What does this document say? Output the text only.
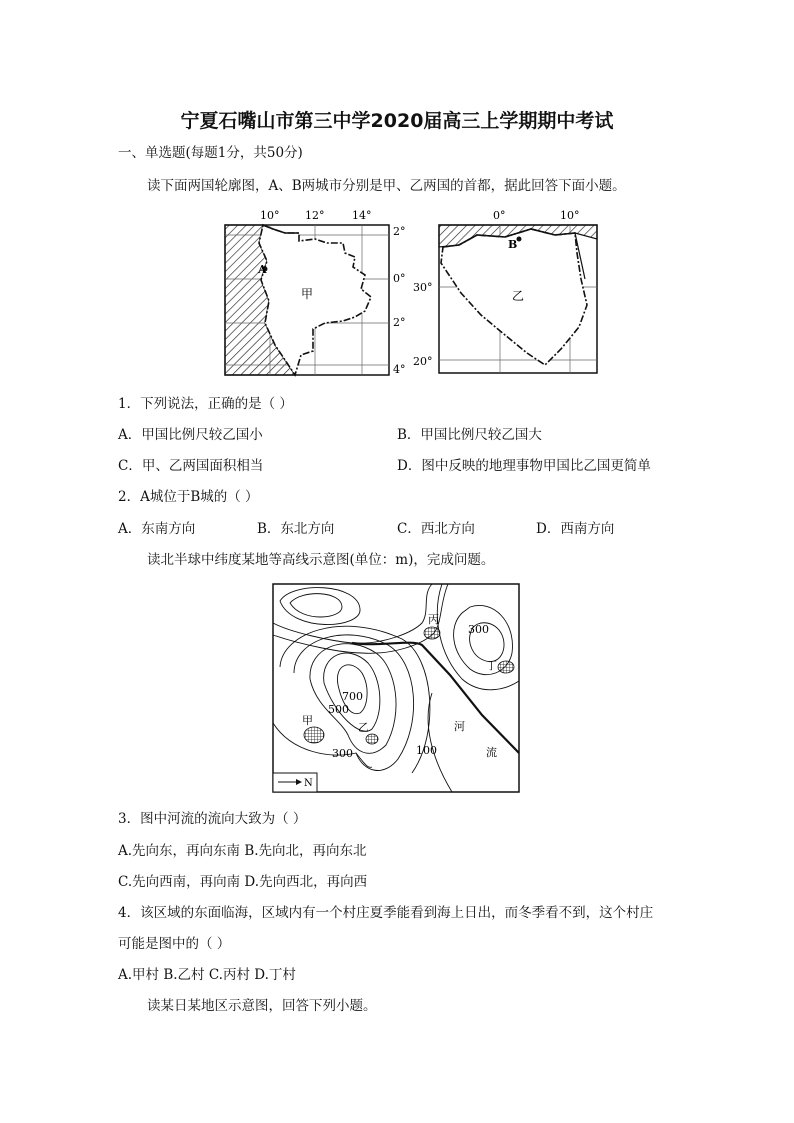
宁夏石嘴山市第三中学2020届高三上学期期中考试
一、单选题(每题1分，共50分)
读下面两国轮廓图，A、B两城市分别是甲、乙两国的首都，据此回答下面小题。
A
甲
10° 12°	14°
2°
0°
2°
4°
B
乙
0°	10°
30°
20°
1．下列说法，正确的是（ ）
A．甲国比例尺较乙国小	B．甲国比例尺较乙国大
C．甲、乙两国面积相当	D．图中反映的地理事物甲国比乙国更简单
2．A城位于B城的（ ）
A．东南方向	B．东北方向	C．西北方向	D．西南方向
读北半球中纬度某地等高线示意图(单位：m)，完成问题。
丙
丁
甲
乙
300
700
500
300	100
河
流
N
3．图中河流的流向大致为（ ）
A.先向东，再向东南 B.先向北，再向东北
C.先向西南，再向南 D.先向西北，再向西
4．该区域的东面临海，区域内有一个村庄夏季能看到海上日出，而冬季看不到，这个村庄
可能是图中的（ ）
A.甲村 B.乙村 C.丙村 D.丁村
读某日某地区示意图，回答下列小题。
